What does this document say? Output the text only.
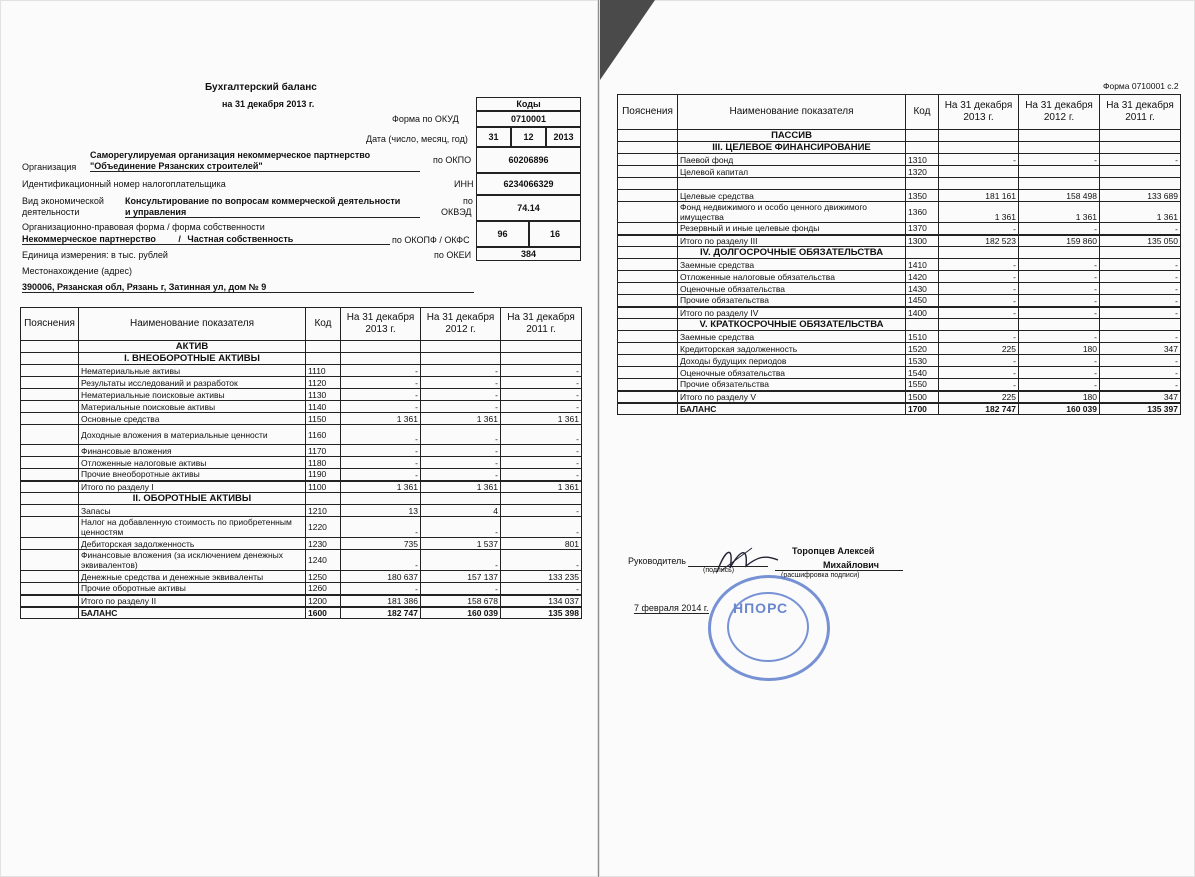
Бухгалтерский баланс
на 31 декабря 2013 г.	Коды
Форма по ОКУД	0710001
Дата (число, месяц, год)	31	12	2013
Организация
Саморегулируемая организация некоммерческое партнерство
"Объединение Рязанских строителей"
по ОКПО	60206896
Идентификационный номер налогоплательщика	ИНН	6234066329
Вид экономической
деятельности
Консультирование по вопросам коммерческой деятельности
и управления
по
ОКВЭД	74.14
Организационно-правовая форма / форма собственности
Некоммерческое партнерство	/ Частная собственность	по ОКОПФ / ОКФС
96	16
Единица измерения: в тыс. рублей	по ОКЕИ	384
Местонахождение (адрес)
390006, Рязанская обл, Рязань г, Затинная ул, дом № 9
Пояснения	Наименование показателя	Код	На 31 декабря 2013 г.	На 31 декабря 2012 г.	На 31 декабря 2011 г.
	АКТИВ				
	I. ВНЕОБОРОТНЫЕ АКТИВЫ				
	Нематериальные активы	1110	-	-	-
	Результаты исследований и разработок	1120	-	-	-
	Нематериальные поисковые активы	1130	-	-	-
	Материальные поисковые активы	1140	-	-	-
	Основные средства	1150	1 361	1 361	1 361
	Доходные вложения в материальные ценности	1160	-	-	-
	Финансовые вложения	1170	-	-	-
	Отложенные налоговые активы	1180	-	-	-
	Прочие внеоборотные активы	1190	-	-	-
	Итого по разделу I	1100	1 361	1 361	1 361
	II. ОБОРОТНЫЕ АКТИВЫ				
	Запасы	1210	13	4	-
	Налог на добавленную стоимость по приобретенным ценностям	1220	-	-	-
	Дебиторская задолженность	1230	735	1 537	801
	Финансовые вложения (за исключением денежных эквивалентов)	1240	-	-	-
	Денежные средства и денежные эквиваленты	1250	180 637	157 137	133 235
	Прочие оборотные активы	1260	-	-	-
	Итого по разделу II	1200	181 386	158 678	134 037
	БАЛАНС	1600	182 747	160 039	135 398
Форма 0710001 с.2
Пояснения	Наименование показателя	Код	На 31 декабря 2013 г.	На 31 декабря 2012 г.	На 31 декабря 2011 г.
	ПАССИВ				
	III. ЦЕЛЕВОЕ ФИНАНСИРОВАНИЕ				
	Паевой фонд	1310	-	-	-
	Целевой капитал	1320			

	Целевые средства	1350	181 161	158 498	133 689
	Фонд недвижимого и особо ценного движимого имущества	1360	1 361	1 361	1 361
	Резервный и иные целевые фонды	1370	-	-	-
	Итого по разделу III	1300	182 523	159 860	135 050
	IV. ДОЛГОСРОЧНЫЕ ОБЯЗАТЕЛЬСТВА				
	Заемные средства	1410	-	-	-
	Отложенные налоговые обязательства	1420	-	-	-
	Оценочные обязательства	1430	-	-	-
	Прочие обязательства	1450	-	-	-
	Итого по разделу IV	1400	-	-	-
	V. КРАТКОСРОЧНЫЕ ОБЯЗАТЕЛЬСТВА				
	Заемные средства	1510	-	-	-
	Кредиторская задолженность	1520	225	180	347
	Доходы будущих периодов	1530	-	-	-
	Оценочные обязательства	1540	-	-	-
	Прочие обязательства	1550	-	-	-
	Итого по разделу V	1500	225	180	347
	БАЛАНС	1700	182 747	160 039	135 397
Руководитель
(подпись)
Торопцев Алексей
Михайлович
(расшифровка подписи)
7 февраля 2014 г. НПОРС
